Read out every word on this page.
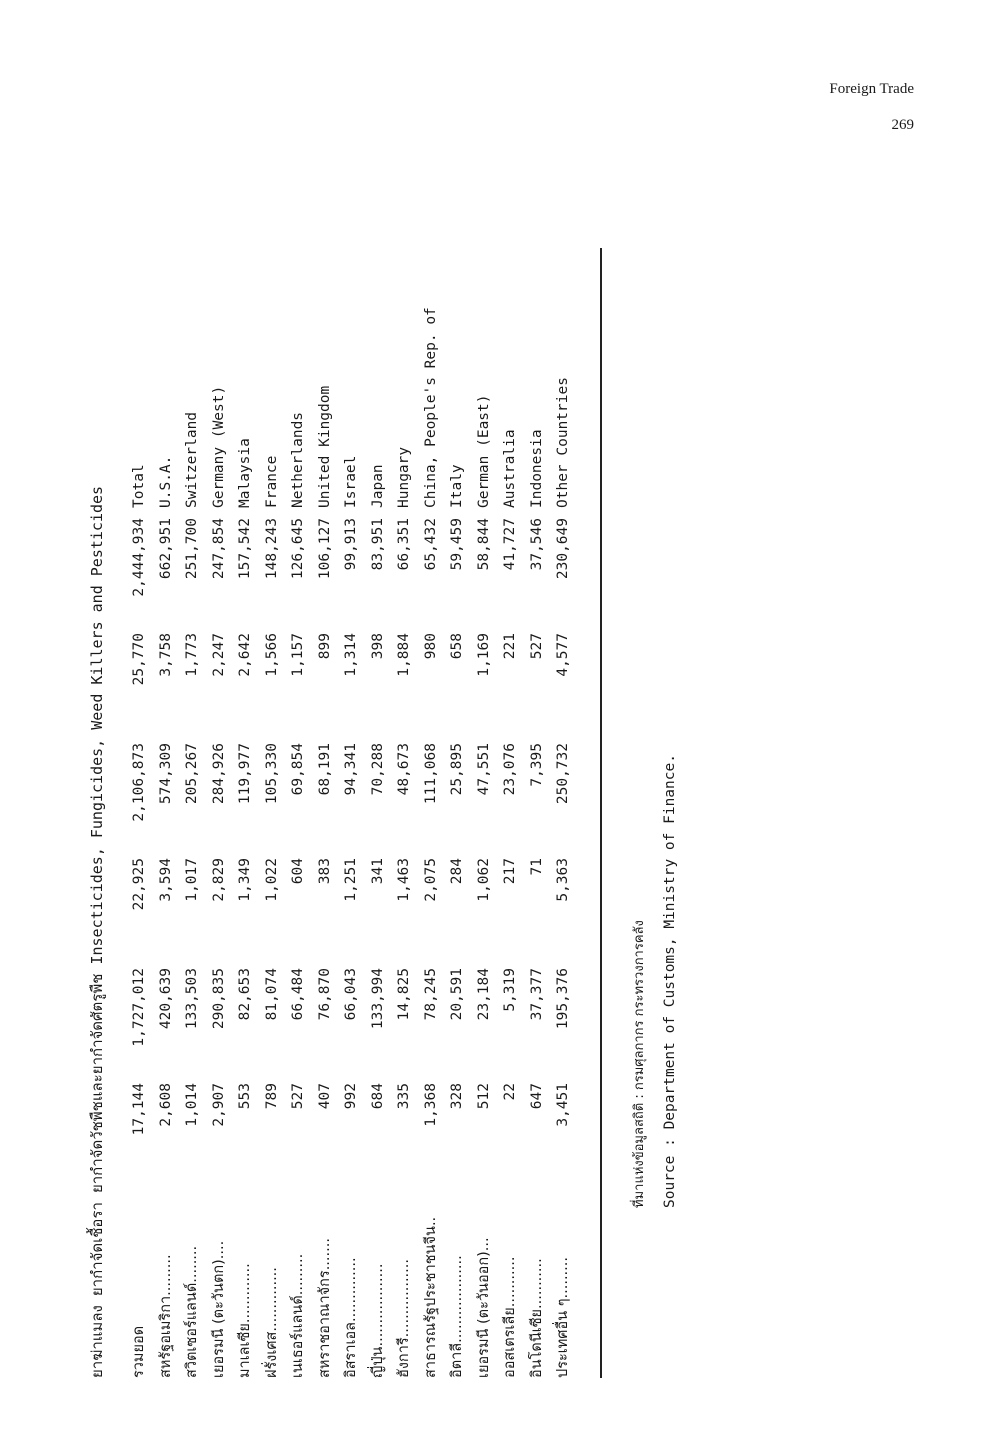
Foreign Trade
269
ยาฆ่าแมลง ยากำจัดเชื้อรา ยากำจัดวัชพืชและยากำจัดศัตรูพืช Insecticides, Fungicides, Weed Killers and Pesticides	รวมยอด	17,144	1,727,012	22,925	2,106,873	25,770	2,444,934	Total
สหรัฐอเมริกา.........	2,608	420,639	3,594	574,309	3,758	662,951	U.S.A.
สวิตเซอร์แลนด์........	1,014	133,503	1,017	205,267	1,773	251,700	Switzerland
เยอรมนี (ตะวันตก)....	2,907	290,835	2,829	284,926	2,247	247,854	Germany (West)
มาเลเซีย.............	553	82,653	1,349	119,977	2,642	157,542	Malaysia
ฝรั่งเศส..............	789	81,074	1,022	105,330	1,566	148,243	France
เนเธอร์แลนด์.........	527	66,484	604	69,854	1,157	126,645	Netherlands
สหราชอาณาจักร.......	407	76,870	383	68,191	899	106,127	United Kingdom
อิสราเอล..............	992	66,043	1,251	94,341	1,314	99,913	Israel
ญี่ปุ่น..................	684	133,994	341	70,288	398	83,951	Japan
ฮังการี.................	335	14,825	1,463	48,673	1,884	66,351	Hungary
สาธารณรัฐประชาชนจีน..	1,368	78,245	2,075	111,068	980	65,432	China, People's Rep. of
อิตาลี...................	328	20,591	284	25,895	658	59,459	Italy
เยอรมนี (ตะวันออก)...	512	23,184	1,062	47,551	1,169	58,844	German (East)
ออสเตรเลีย...........	22	5,319	217	23,076	221	41,727	Australia
อินโดนีเซีย...........	647	37,377	71	7,395	527	37,546	Indonesia
ประเทศอื่น ๆ.........	3,451	195,376	5,363	250,732	4,577	230,649	Other Countries
ที่มาแห่งข้อมูลสถิติ : กรมศุลกากร กระทรวงการคลัง	Source : Department of Customs, Ministry of Finance.
